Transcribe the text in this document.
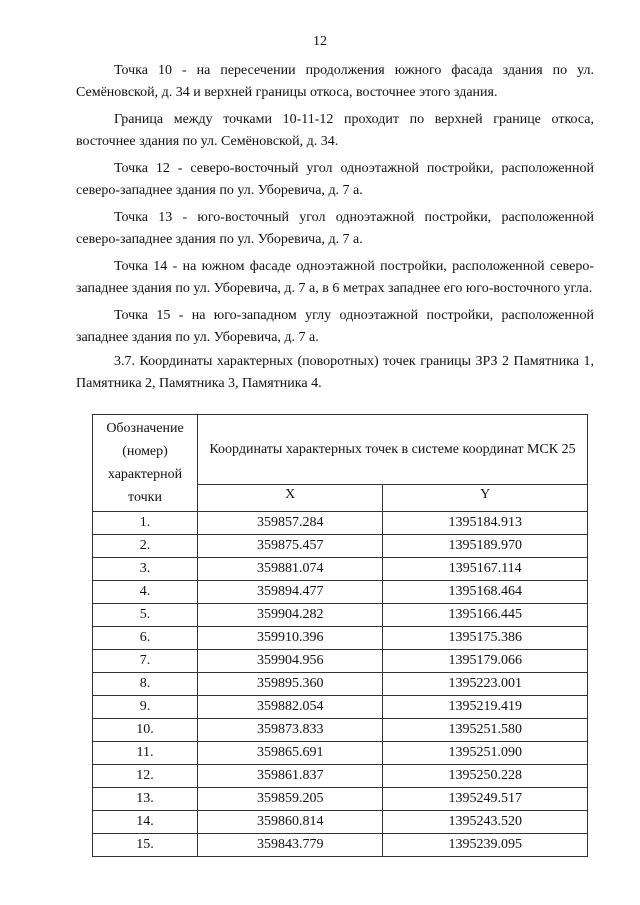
12

Точка 10 - на пересечении продолжения южного фасада здания по ул. Семёновской, д. 34 и верхней границы откоса, восточнее этого здания.

Граница между точками 10-11-12 проходит по верхней границе откоса, восточнее здания по ул. Семёновской, д. 34.

Точка 12 - северо-восточный угол одноэтажной постройки, расположенной северо-западнее здания по ул. Уборевича, д. 7 а.

Точка 13 - юго-восточный угол одноэтажной постройки, расположенной северо-западнее здания по ул. Уборевича, д. 7 а.

Точка 14 - на южном фасаде одноэтажной постройки, расположенной северо-западнее здания по ул. Уборевича, д. 7 а, в 6 метрах западнее его юго-восточного угла.

Точка 15 - на юго-западном углу одноэтажной постройки, расположенной западнее здания по ул. Уборевича, д. 7 а.

3.7. Координаты характерных (поворотных) точек границы ЗРЗ 2 Памятника 1, Памятника 2, Памятника 3, Памятника 4.

Обозначение (номер) характерной точки	Координаты характерных точек в системе координат МСК 25	
	X	Y
1.	359857.284	1395184.913
2.	359875.457	1395189.970
3.	359881.074	1395167.114
4.	359894.477	1395168.464
5.	359904.282	1395166.445
6.	359910.396	1395175.386
7.	359904.956	1395179.066
8.	359895.360	1395223.001
9.	359882.054	1395219.419
10.	359873.833	1395251.580
11.	359865.691	1395251.090
12.	359861.837	1395250.228
13.	359859.205	1395249.517
14.	359860.814	1395243.520
15.	359843.779	1395239.095
